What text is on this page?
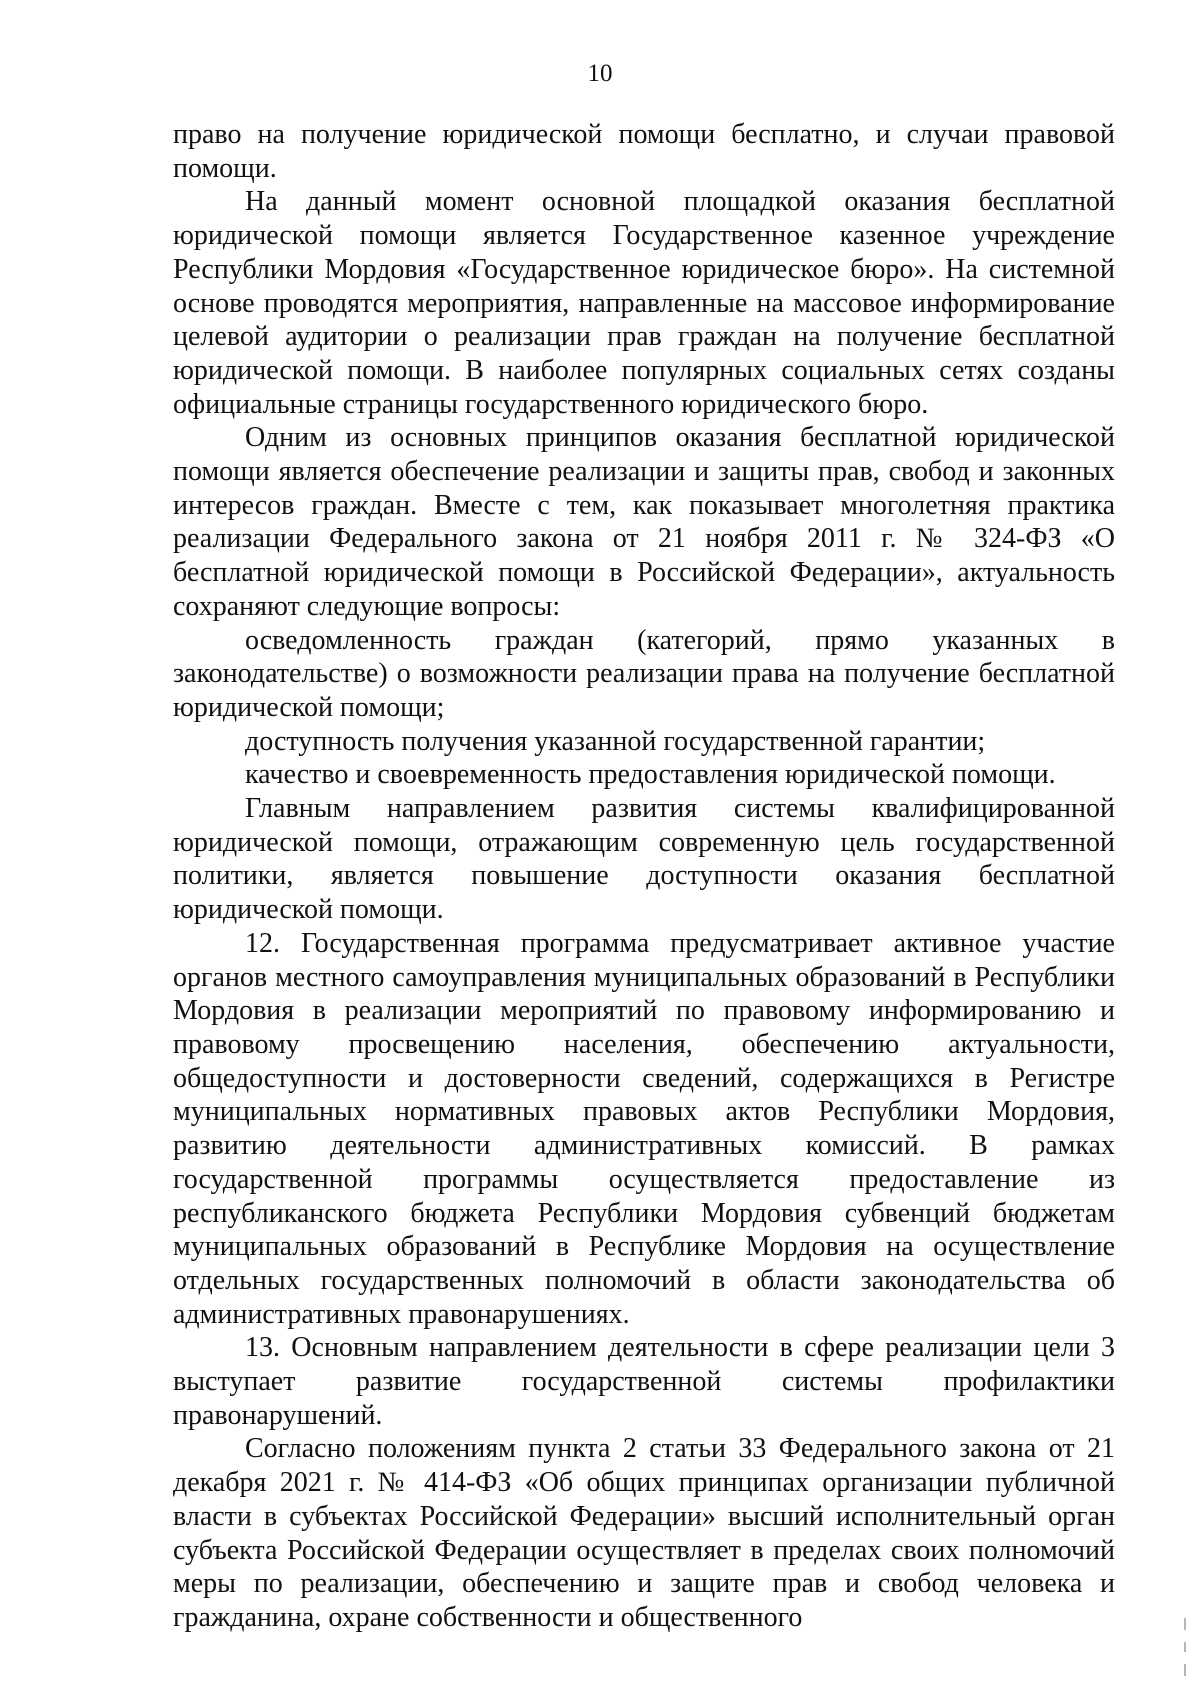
10

право на получение юридической помощи бесплатно, и случаи правовой помощи.

На данный момент основной площадкой оказания бесплатной юридической помощи является Государственное казенное учреждение Республики Мордовия «Государственное юридическое бюро». На системной основе проводятся мероприятия, направленные на массовое информирование целевой аудитории о реализации прав граждан на получение бесплатной юридической помощи. В наиболее популярных социальных сетях созданы официальные страницы государственного юридического бюро.

Одним из основных принципов оказания бесплатной юридической помощи является обеспечение реализации и защиты прав, свобод и законных интересов граждан. Вместе с тем, как показывает многолетняя практика реализации Федерального закона от 21 ноября 2011 г. № 324-ФЗ «О бесплатной юридической помощи в Российской Федерации», актуальность сохраняют следующие вопросы:

осведомленность граждан (категорий, прямо указанных в законодательстве) о возможности реализации права на получение бесплатной юридической помощи;

доступность получения указанной государственной гарантии;

качество и своевременность предоставления юридической помощи.

Главным направлением развития системы квалифицированной юридической помощи, отражающим современную цель государственной политики, является повышение доступности оказания бесплатной юридической помощи.

12. Государственная программа предусматривает активное участие органов местного самоуправления муниципальных образований в Республики Мордовия в реализации мероприятий по правовому информированию и правовому просвещению населения, обеспечению актуальности, общедоступности и достоверности сведений, содержащихся в Регистре муниципальных нормативных правовых актов Республики Мордовия, развитию деятельности административных комиссий. В рамках государственной программы осуществляется предоставление из республиканского бюджета Республики Мордовия субвенций бюджетам муниципальных образований в Республике Мордовия на осуществление отдельных государственных полномочий в области законодательства об административных правонарушениях.

13. Основным направлением деятельности в сфере реализации цели 3 выступает развитие государственной системы профилактики правонарушений.

Согласно положениям пункта 2 статьи 33 Федерального закона от 21 декабря 2021 г. № 414-ФЗ «Об общих принципах организации публичной власти в субъектах Российской Федерации» высший исполнительный орган субъекта Российской Федерации осуществляет в пределах своих полномочий меры по реализации, обеспечению и защите прав и свобод человека и гражданина, охране собственности и общественного
